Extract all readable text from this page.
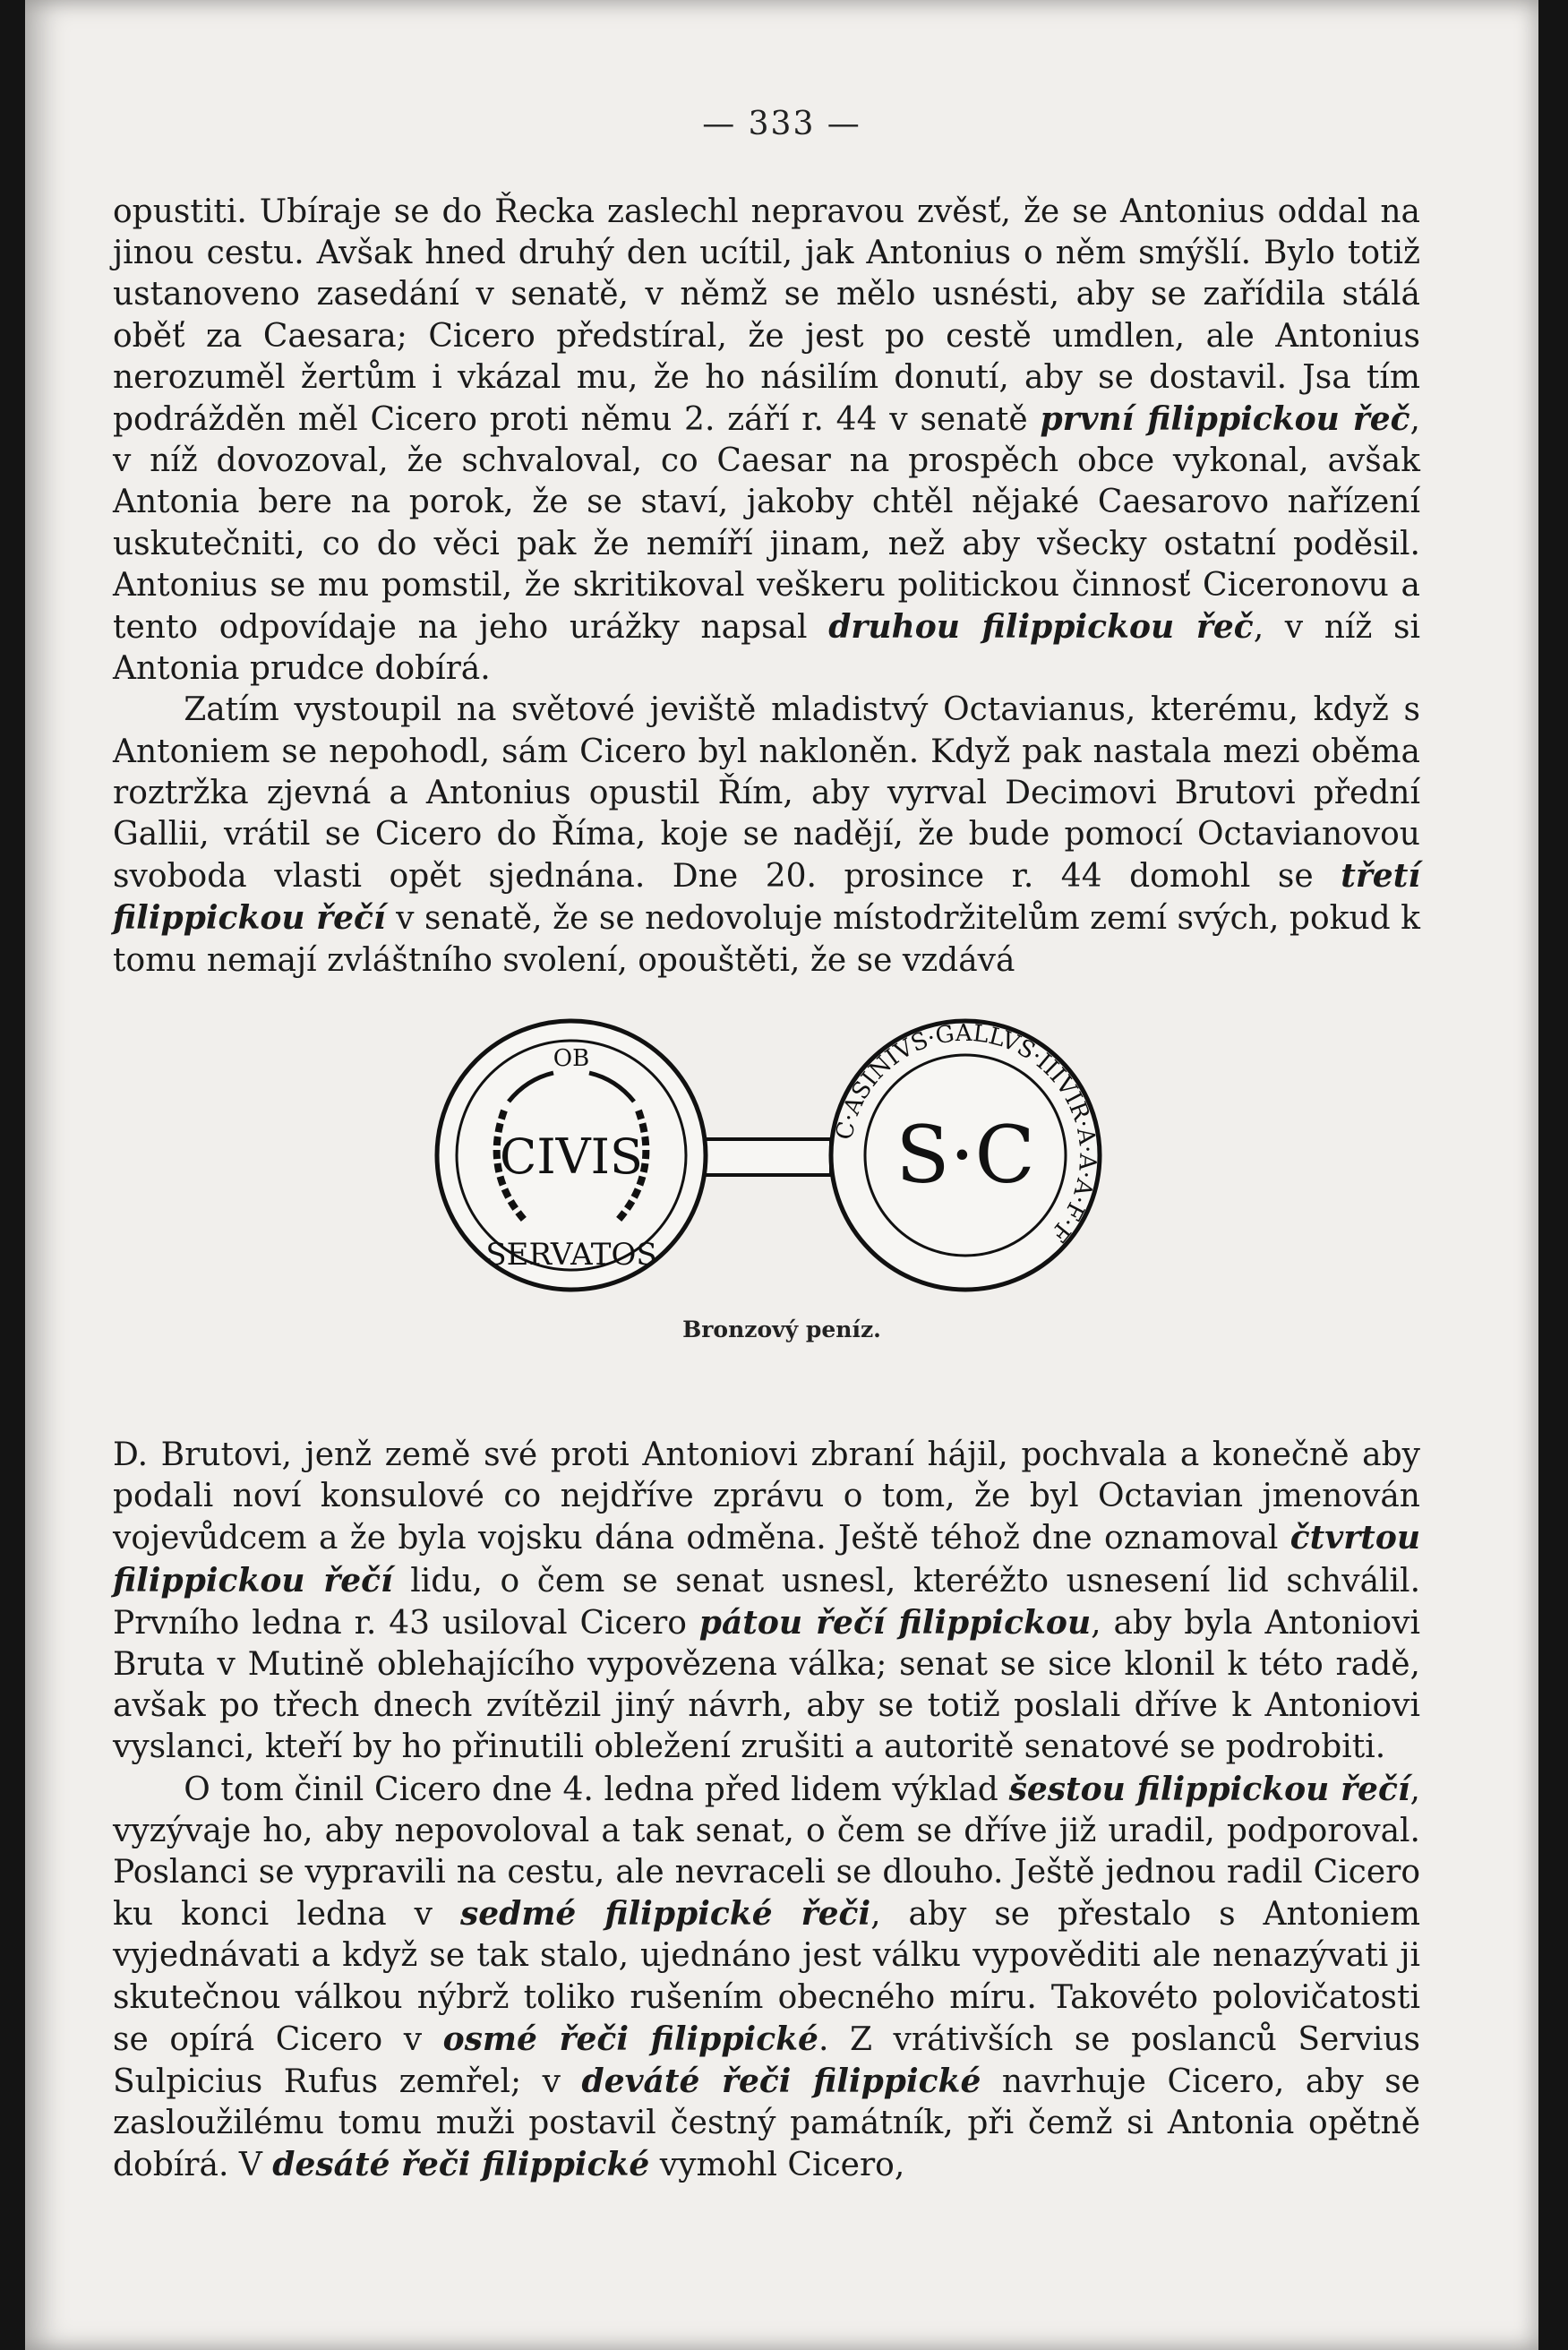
— 333 —

opustiti. Ubíraje se do Řecka zaslechl nepravou zvěsť, že se Antonius oddal na jinou cestu. Avšak hned druhý den ucítil, jak Antonius o něm smýšlí. Bylo totiž ustanoveno zasedání v senatě, v němž se mělo usnésti, aby se zařídila stálá oběť za Caesara; Cicero předstíral, že jest po cestě umdlen, ale Antonius nerozuměl žertům i vkázal mu, že ho násilím donutí, aby se dostavil. Jsa tím podrážděn měl Cicero proti němu 2. září r. 44 v senatě první filippickou řeč, v níž dovozoval, že schvaloval, co Caesar na prospěch obce vykonal, avšak Antonia bere na porok, že se staví, jakoby chtěl nějaké Caesarovo nařízení uskutečniti, co do věci pak že nemíří jinam, než aby všecky ostatní poděsil. Antonius se mu pomstil, že skritikoval veškeru politickou činnosť Ciceronovu a tento odpovídaje na jeho urážky napsal druhou filippickou řeč, v níž si Antonia prudce dobírá.

Zatím vystoupil na světové jeviště mladistvý Octavianus, kterému, když s Antoniem se nepohodl, sám Cicero byl nakloněn. Když pak nastala mezi oběma roztržka zjevná a Antonius opustil Řím, aby vyrval Decimovi Brutovi přední Gallii, vrátil se Cicero do Říma, koje se nadějí, že bude pomocí Octavianovou svoboda vlasti opět sjednána. Dne 20. prosince r. 44 domohl se třetí filippickou řečí v senatě, že se nedovoluje místodržitelům zemí svých, pokud k tomu nemají zvláštního svolení, opouštěti, že se vzdává

OB
CIVIS
SERVATOS
C·ASINIVS·GALLVS·IIIVIR·A·A·A·F·F
S·C
Bronzový peníz.

D. Brutovi, jenž země své proti Antoniovi zbraní hájil, pochvala a konečně aby podali noví konsulové co nejdříve zprávu o tom, že byl Octavian jmenován vojevůdcem a že byla vojsku dána odměna. Ještě téhož dne oznamoval čtvrtou filippickou řečí lidu, o čem se senat usnesl, kteréžto usnesení lid schválil. Prvního ledna r. 43 usiloval Cicero pátou řečí filippickou, aby byla Antoniovi Bruta v Mutině oblehajícího vypovězena válka; senat se sice klonil k této radě, avšak po třech dnech zvítězil jiný návrh, aby se totiž poslali dříve k Antoniovi vyslanci, kteří by ho přinutili obležení zrušiti a autoritě senatové se podrobiti.

O tom činil Cicero dne 4. ledna před lidem výklad šestou filippickou řečí, vyzývaje ho, aby nepovoloval a tak senat, o čem se dříve již uradil, podporoval. Poslanci se vypravili na cestu, ale nevraceli se dlouho. Ještě jednou radil Cicero ku konci ledna v sedmé filippické řeči, aby se přestalo s Antoniem vyjednávati a když se tak stalo, ujednáno jest válku vypověditi ale nenazývati ji skutečnou válkou nýbrž toliko rušením obecného míru. Takovéto polovičatosti se opírá Cicero v osmé řeči filippické. Z vrátivších se poslanců Servius Sulpicius Rufus zemřel; v deváté řeči filippické navrhuje Cicero, aby se zasloužilému tomu muži postavil čestný památník, při čemž si Antonia opětně dobírá. V desáté řeči filippické vymohl Cicero,
